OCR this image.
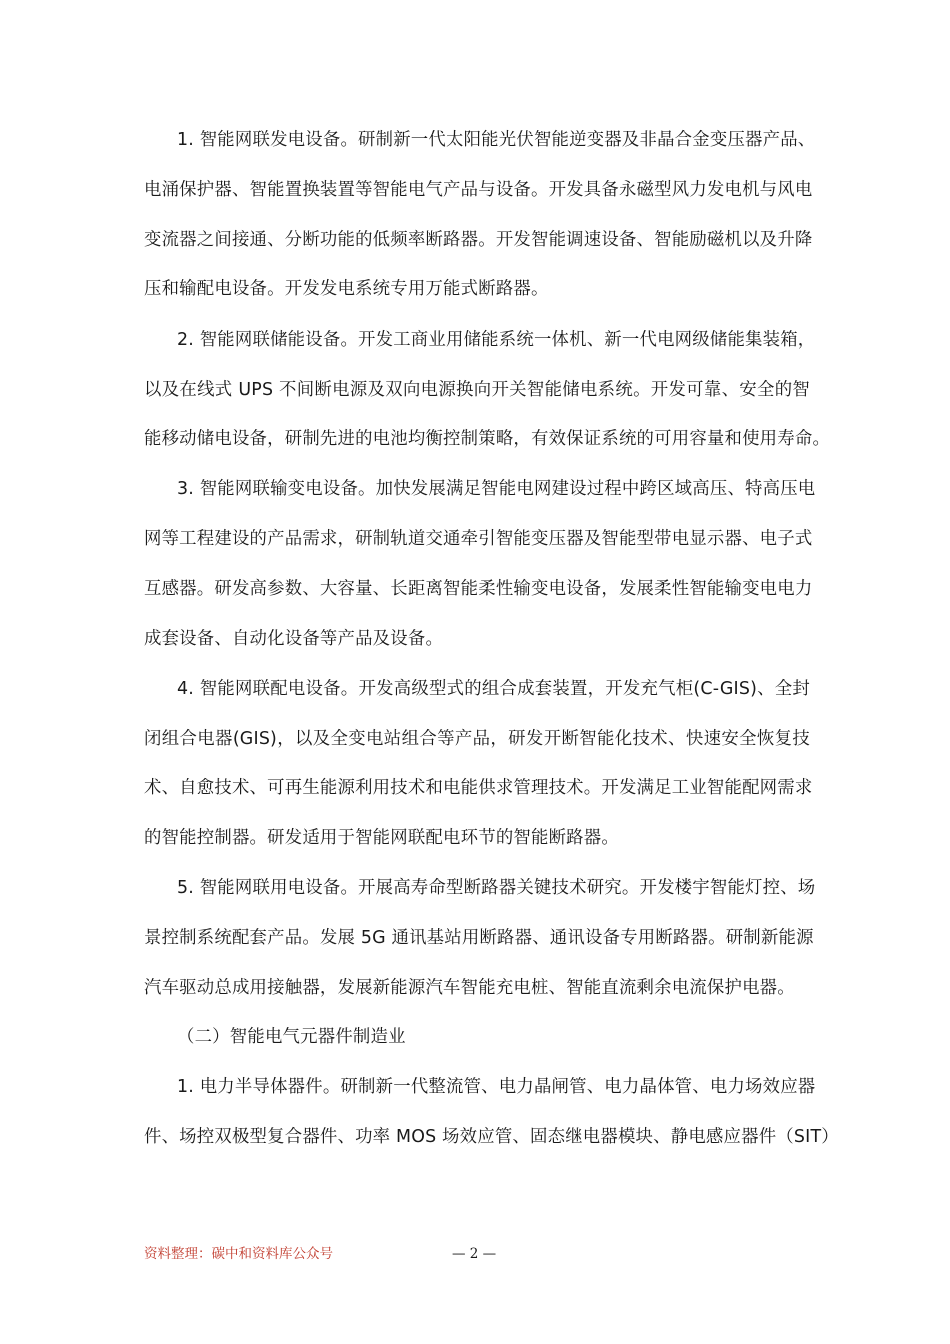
1. 智能网联发电设备。研制新一代太阳能光伏智能逆变器及非晶合金变压器产品、
电涌保护器、智能置换装置等智能电气产品与设备。开发具备永磁型风力发电机与风电
变流器之间接通、分断功能的低频率断路器。开发智能调速设备、智能励磁机以及升降
压和输配电设备。开发发电系统专用万能式断路器。
2. 智能网联储能设备。开发工商业用储能系统一体机、新一代电网级储能集装箱，
以及在线式 UPS 不间断电源及双向电源换向开关智能储电系统。开发可靠、安全的智
能移动储电设备，研制先进的电池均衡控制策略，有效保证系统的可用容量和使用寿命。
3. 智能网联输变电设备。加快发展满足智能电网建设过程中跨区域高压、特高压电
网等工程建设的产品需求，研制轨道交通牵引智能变压器及智能型带电显示器、电子式
互感器。研发高参数、大容量、长距离智能柔性输变电设备，发展柔性智能输变电电力
成套设备、自动化设备等产品及设备。
4. 智能网联配电设备。开发高级型式的组合成套装置，开发充气柜(C-GIS)、全封
闭组合电器(GIS)，以及全变电站组合等产品，研发开断智能化技术、快速安全恢复技
术、自愈技术、可再生能源利用技术和电能供求管理技术。开发满足工业智能配网需求
的智能控制器。研发适用于智能网联配电环节的智能断路器。
5. 智能网联用电设备。开展高寿命型断路器关键技术研究。开发楼宇智能灯控、场
景控制系统配套产品。发展 5G 通讯基站用断路器、通讯设备专用断路器。研制新能源
汽车驱动总成用接触器，发展新能源汽车智能充电桩、智能直流剩余电流保护电器。
（二）智能电气元器件制造业
1. 电力半导体器件。研制新一代整流管、电力晶闸管、电力晶体管、电力场效应器
件、场控双极型复合器件、功率 MOS 场效应管、固态继电器模块、静电感应器件（SIT）
资料整理：碳中和资料库公众号	— 2 —
